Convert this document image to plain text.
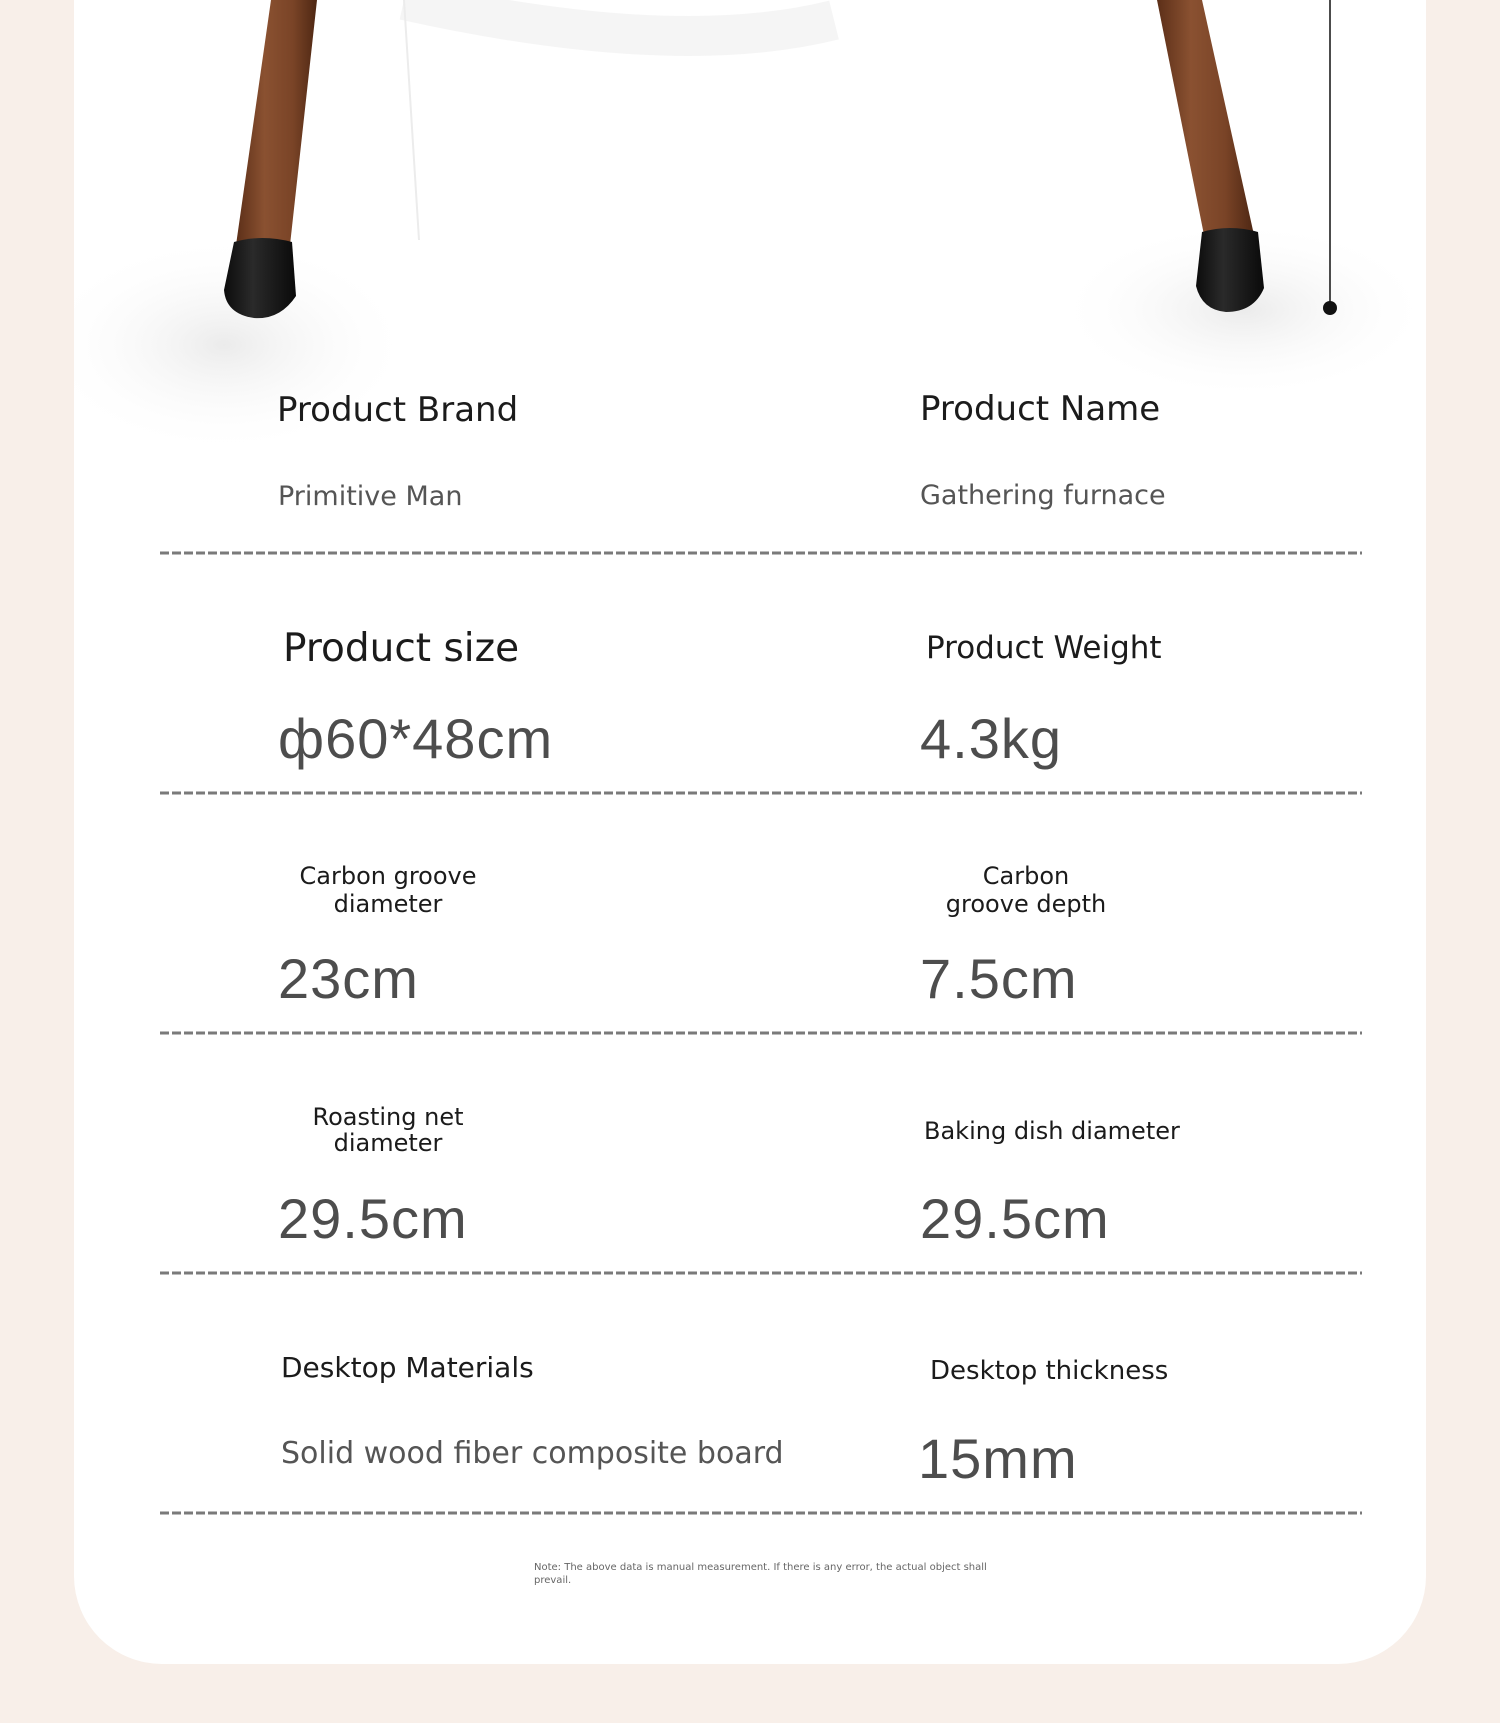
Product Brand
Primitive Man
Product Name
Gathering furnace
Product size
ф60*48cm
Product Weight
4.3kg
Carbon groove diameter
23cm
Carbon groove depth
7.5cm
Roasting net diameter
29.5cm
Baking dish diameter
29.5cm
Desktop Materials
Solid wood fiber composite board
Desktop thickness
15mm
Note: The above data is manual measurement. If there is any error, the actual object shall prevail.
